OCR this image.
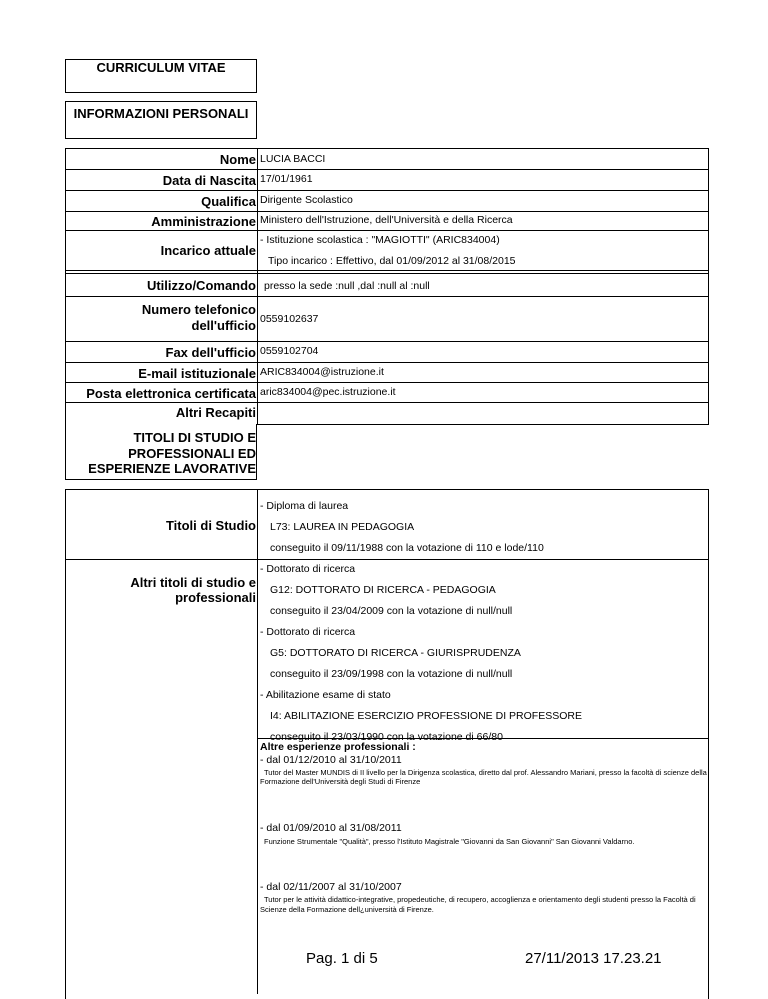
CURRICULUM VITAE
INFORMAZIONI PERSONALI
Nome LUCIA BACCI
Data di Nascita 17/01/1961
Qualifica Dirigente Scolastico
Amministrazione Ministero dell'Istruzione, dell'Università e della Ricerca
Incarico attuale
- Istituzione scolastica : "MAGIOTTI" (ARIC834004)
Tipo incarico : Effettivo, dal 01/09/2012 al 31/08/2015
Utilizzo/Comando presso la sede :null ,dal :null al :null
Numero telefonico
dell'ufficio 0559102637
Fax dell'ufficio 0559102704
E-mail istituzionale ARIC834004@istruzione.it
Posta elettronica certificata aric834004@pec.istruzione.it
Altri Recapiti
TITOLI DI STUDIO E
PROFESSIONALI ED
ESPERIENZE LAVORATIVE
Titoli di Studio
- Diploma di laurea
L73: LAUREA IN PEDAGOGIA
conseguito il 09/11/1988 con la votazione di 110 e lode/110
Altri titoli di studio e
professionali
- Dottorato di ricerca
G12: DOTTORATO DI RICERCA - PEDAGOGIA
conseguito il 23/04/2009 con la votazione di null/null
- Dottorato di ricerca
G5: DOTTORATO DI RICERCA - GIURISPRUDENZA
conseguito il 23/09/1998 con la votazione di null/null
- Abilitazione esame di stato
I4: ABILITAZIONE ESERCIZIO PROFESSIONE DI PROFESSORE
conseguito il 23/03/1990 con la votazione di 66/80
Altre esperienze professionali :
- dal 01/12/2010 al 31/10/2011
Tutor del Master MUNDIS di II livello per la Dirigenza scolastica, diretto dal prof. Alessandro Mariani, presso la facoltà di scienze della
Formazione dell'Università degli Studi di Firenze
- dal 01/09/2010 al 31/08/2011
Funzione Strumentale "Qualità", presso l'Istituto Magistrale "Giovanni da San Giovanni" San Giovanni Valdarno.
- dal 02/11/2007 al 31/10/2007
Tutor per le attività didattico-integrative, propedeutiche, di recupero, accoglienza e orientamento degli studenti presso la Facoltà di
Scienze della Formazione dell¿università di Firenze.
Pag. 1 di 5	27/11/2013 17.23.21
